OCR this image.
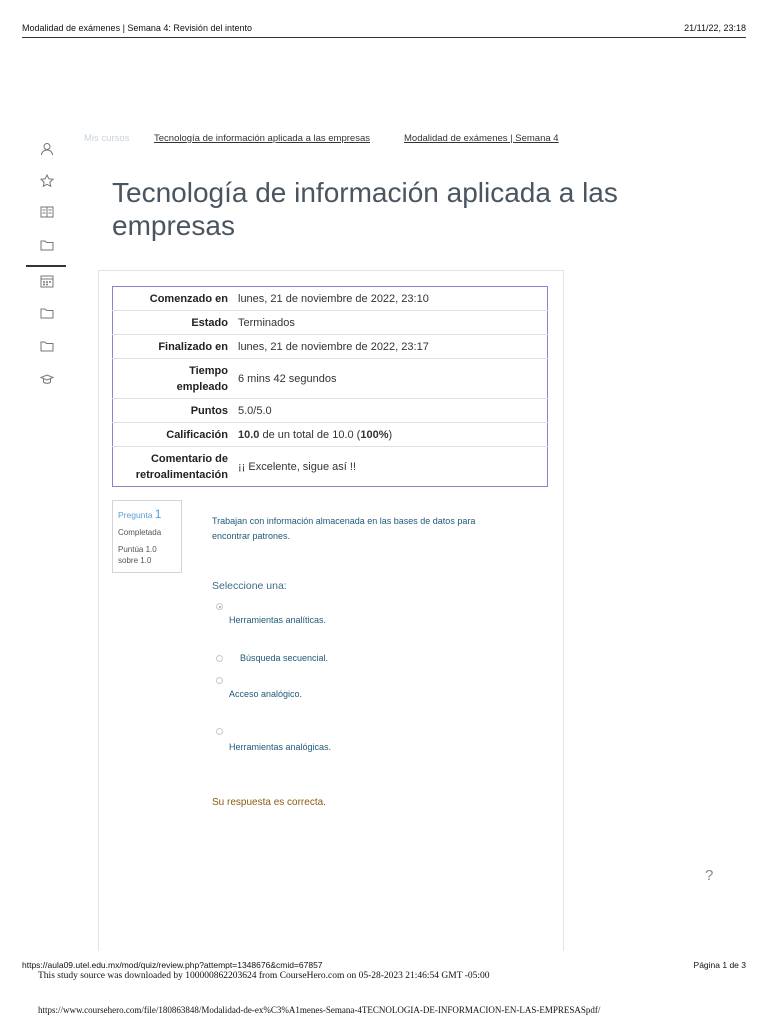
Modalidad de exámenes | Semana 4: Revisión del intento	21/11/22, 23:18
Mis cursos	Tecnología de información aplicada a las empresas	Modalidad de exámenes | Semana 4
Tecnología de información aplicada a las empresas
Comenzado en	lunes, 21 de noviembre de 2022, 23:10
Estado	Terminados
Finalizado en	lunes, 21 de noviembre de 2022, 23:17

Tiempo
empleado	6 mins 42 segundos
Puntos	5.0/5.0
Calificación	10.0 de un total de 10.0 (100%)

Comentario de
retroalimentación	¡¡ Excelente, sigue así !!
Pregunta 1
Completada
Puntúa 1.0
sobre 1.0
Trabajan con información almacenada en las bases de datos para
encontrar patrones.
Seleccione una:
Herramientas analíticas.
Búsqueda secuencial.
Acceso analógico.
Herramientas analógicas.
Su respuesta es correcta.
?
https://aula09.utel.edu.mx/mod/quiz/review.php?attempt=1348676&cmid=67857	Página 1 de 3
This study source was downloaded by 100000862203624 from CourseHero.com on 05-28-2023 21:46:54 GMT -05:00
https://www.coursehero.com/file/180863848/Modalidad-de-ex%C3%A1menes-Semana-4TECNOLOGIA-DE-INFORMACION-EN-LAS-EMPRESASpdf/
